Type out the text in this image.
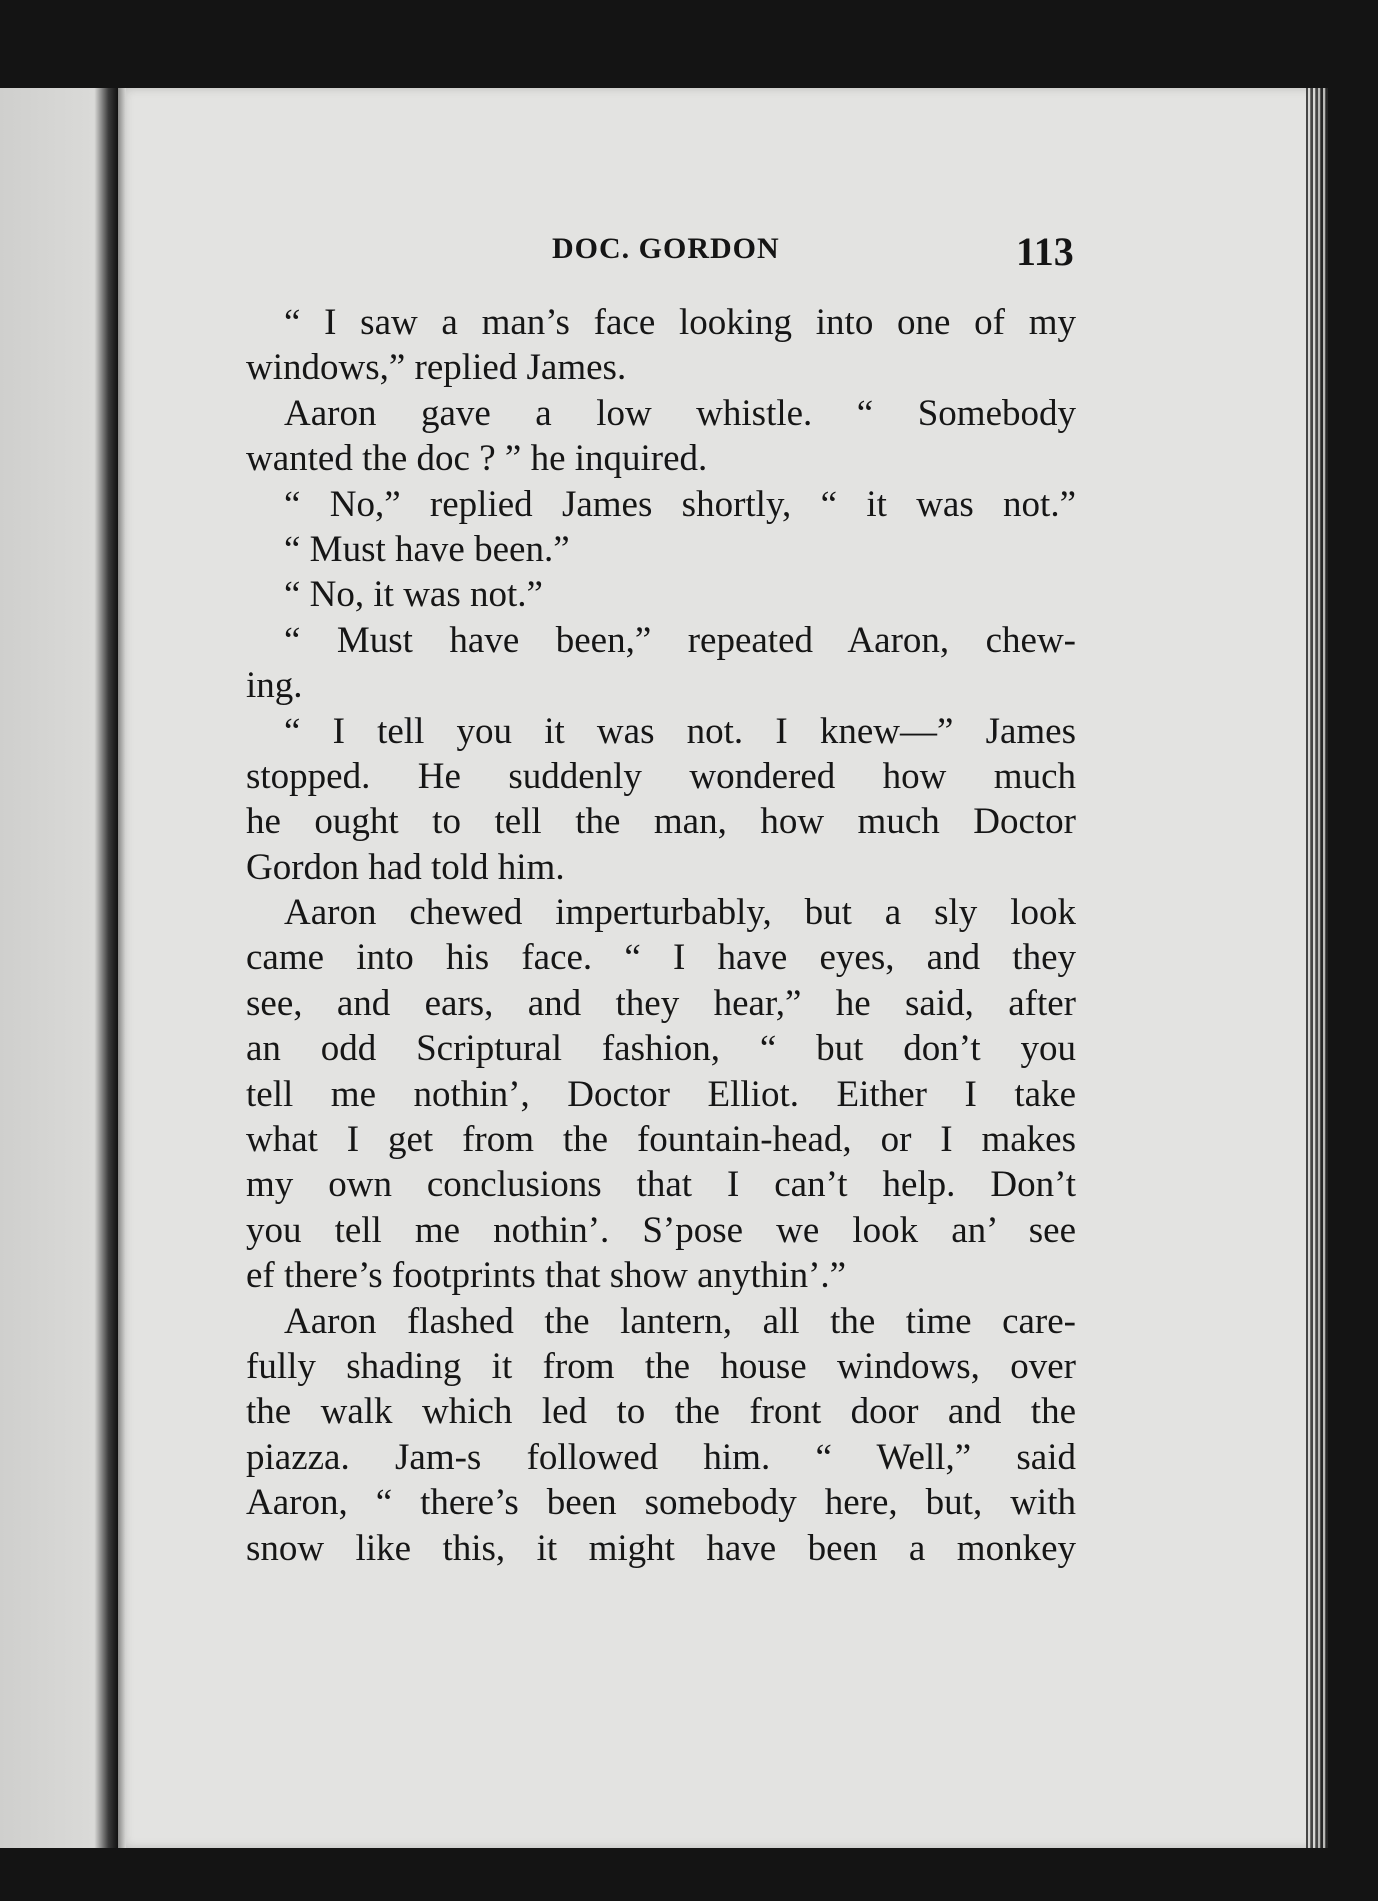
DOC. GORDON	113
“ I saw a man’s face looking into one of my
windows,” replied James.
Aaron gave a low whistle. “ Somebody
wanted the doc ? ” he inquired.
“ No,” replied James shortly, “ it was not.”
“ Must have been.”
“ No, it was not.”
“ Must have been,” repeated Aaron, chew-
ing.
“ I tell you it was not. I knew—” James
stopped. He suddenly wondered how much
he ought to tell the man, how much Doctor
Gordon had told him.
Aaron chewed imperturbably, but a sly look
came into his face. “ I have eyes, and they
see, and ears, and they hear,” he said, after
an odd Scriptural fashion, “ but don’t you
tell me nothin’, Doctor Elliot. Either I take
what I get from the fountain-head, or I makes
my own conclusions that I can’t help. Don’t
you tell me nothin’. S’pose we look an’ see
ef there’s footprints that show anythin’.”
Aaron flashed the lantern, all the time care-
fully shading it from the house windows, over
the walk which led to the front door and the
piazza. Jam-s followed him. “ Well,” said
Aaron, “ there’s been somebody here, but, with
snow like this, it might have been a monkey
